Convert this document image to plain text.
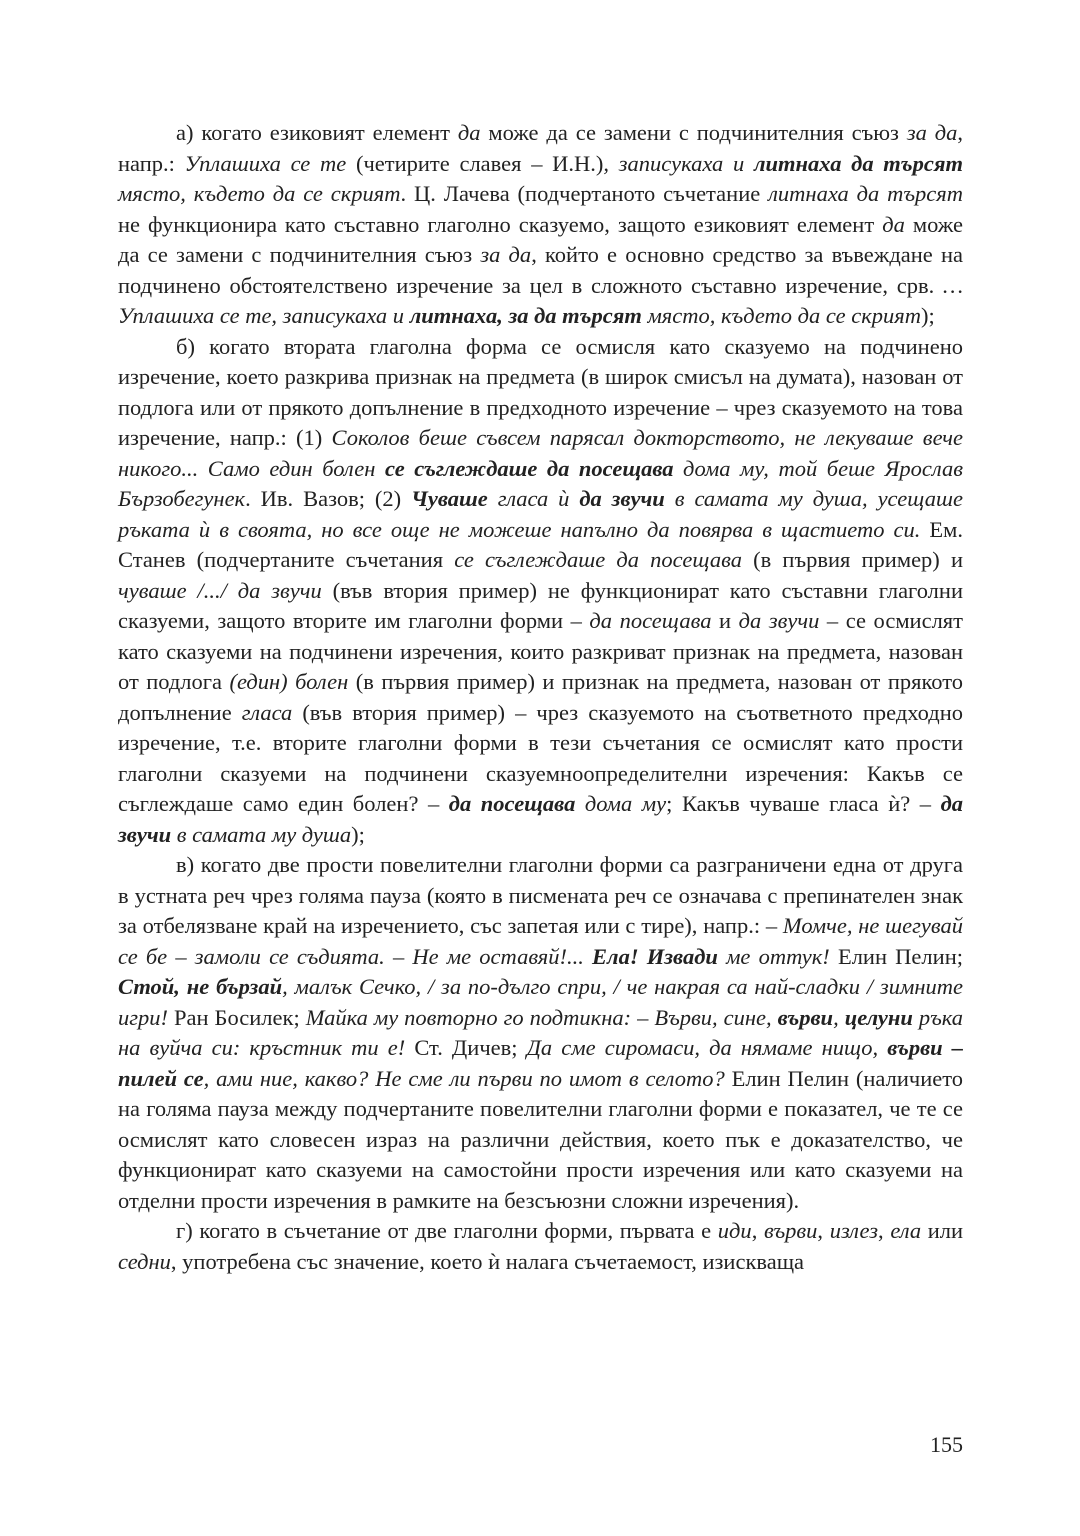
а) когато езиковият елемент да може да се замени с подчинителния съюз за да, напр.: Уплашиха се те (четирите славея – И.Н.), записукаха и литнаха да търсят място, където да се скрият. Ц. Лачева (подчертаното съчетание литнаха да търсят не функционира като съставно глаголно сказуемо, защото езиковият елемент да може да се замени с подчинителния съюз за да, който е основно средство за въвеждане на подчинено обстоятелствено изречение за цел в сложното съставно изречение, срв. …Уплашиха се те, записукаха и литнаха, за да търсят място, където да се скрият);

б) когато втората глаголна форма се осмисля като сказуемо на подчинено изречение, което разкрива признак на предмета (в широк смисъл на думата), назован от подлога или от прякото допълнение в предходното изречение – чрез сказуемото на това изречение, напр.: (1) Соколов беше съвсем парясал докторството, не лекуваше вече никого... Само един болен се съглеждаше да посещава дома му, той беше Ярослав Бързобегунек. Ив. Вазов; (2) Чуваше гласа ѝ да звучи в самата му душа, усещаше ръката ѝ в своята, но все още не можеше напълно да повярва в щастието си. Ем. Станев (подчертаните съчетания се съглеждаше да посещава (в първия пример) и чуваше /.../ да звучи (във втория пример) не функционират като съставни глаголни сказуеми, защото вторите им глаголни форми – да посещава и да звучи – се осмислят като сказуеми на подчинени изречения, които разкриват признак на предмета, назован от подлога (един) болен (в първия пример) и признак на предмета, назован от прякото допълнение гласа (във втория пример) – чрез сказуемото на съответното предходно изречение, т.е. вторите глаголни форми в тези съчетания се осмислят като прости глаголни сказуеми на подчинени сказуемноопределителни изречения: Какъв се съглеждаше само един болен? – да посещава дома му; Какъв чуваше гласа ѝ? – да звучи в самата му душа);

в) когато две прости повелителни глаголни форми са разграничени една от друга в устната реч чрез голяма пауза (която в писмената реч се означава с препинателен знак за отбелязване край на изречението, със запетая или с тире), напр.: – Момче, не шегувай се бе – замоли се съдията. – Не ме оставяй!... Ела! Извади ме оттук! Елин Пелин; Стой, не бързай, малък Сечко, / за по-дълго спри, / че накрая са най-сладки / зимните игри! Ран Босилек; Майка му повторно го подтикна: – Върви, сине, върви, целуни ръка на вуйча си: кръстник ти е! Ст. Дичев; Да сме сиромаси, да нямаме нищо, върви – пилей се, ами ние, какво? Не сме ли първи по имот в селото? Елин Пелин (наличието на голяма пауза между подчертаните повелителни глаголни форми е показател, че те се осмислят като словесен израз на различни действия, което пък е доказателство, че функционират като сказуеми на самостойни прости изречения или като сказуеми на отделни прости изречения в рамките на безсъюзни сложни изречения).

г) когато в съчетание от две глаголни форми, първата е иди, върви, излез, ела или седни, употребена със значение, което ѝ налага съчетаемост, изискваща

155
